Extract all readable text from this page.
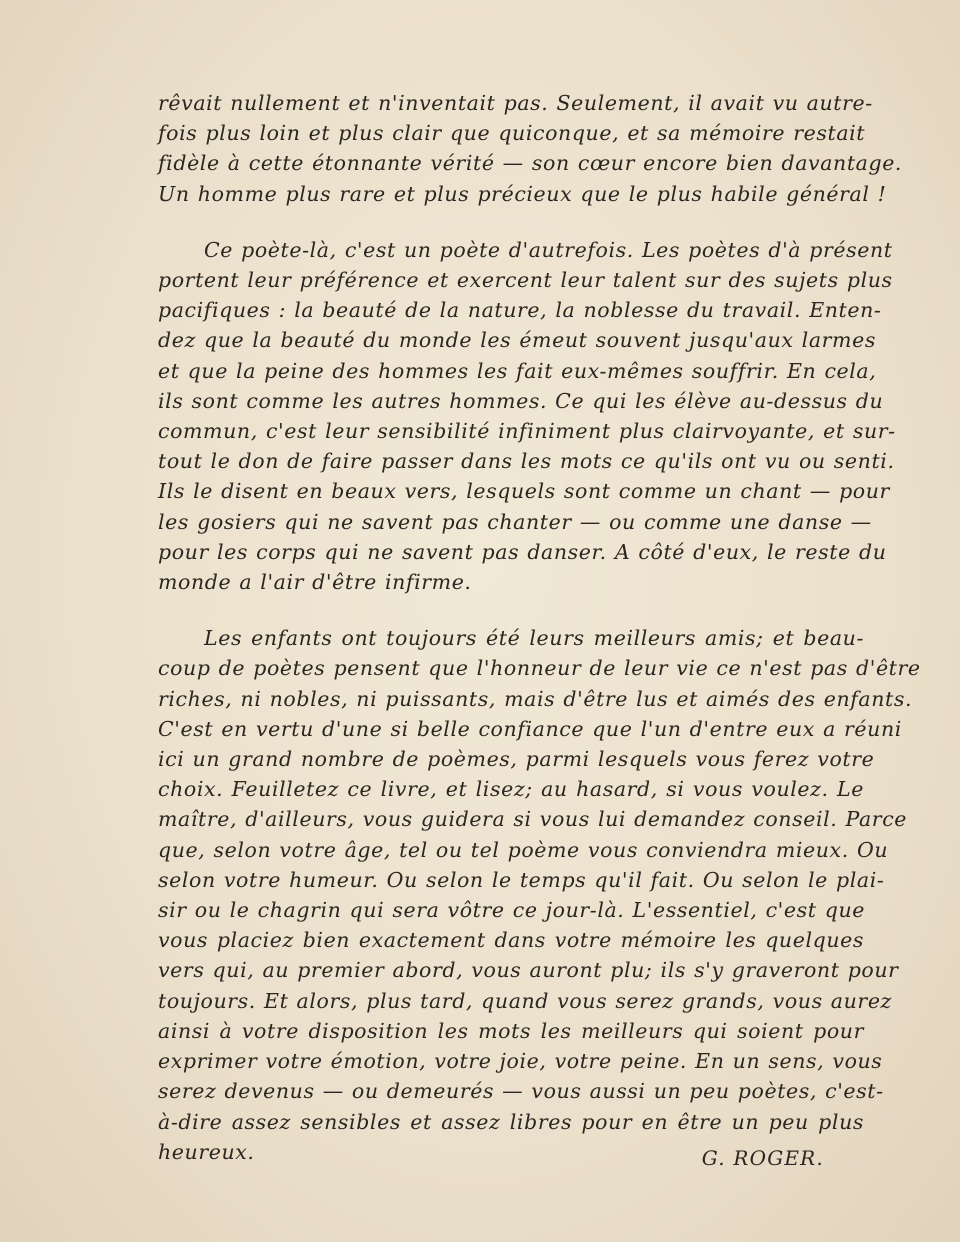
rêvait nullement et n'inventait pas. Seulement, il avait vu autre-
fois plus loin et plus clair que quiconque, et sa mémoire restait
fidèle à cette étonnante vérité — son cœur encore bien davantage.
Un homme plus rare et plus précieux que le plus habile général !

Ce poète-là, c'est un poète d'autrefois. Les poètes d'à présent
portent leur préférence et exercent leur talent sur des sujets plus
pacifiques : la beauté de la nature, la noblesse du travail. Enten-
dez que la beauté du monde les émeut souvent jusqu'aux larmes
et que la peine des hommes les fait eux-mêmes souffrir. En cela,
ils sont comme les autres hommes. Ce qui les élève au-dessus du
commun, c'est leur sensibilité infiniment plus clairvoyante, et sur-
tout le don de faire passer dans les mots ce qu'ils ont vu ou senti.
Ils le disent en beaux vers, lesquels sont comme un chant — pour
les gosiers qui ne savent pas chanter — ou comme une danse —
pour les corps qui ne savent pas danser. A côté d'eux, le reste du
monde a l'air d'être infirme.

Les enfants ont toujours été leurs meilleurs amis; et beau-
coup de poètes pensent que l'honneur de leur vie ce n'est pas d'être
riches, ni nobles, ni puissants, mais d'être lus et aimés des enfants.
C'est en vertu d'une si belle confiance que l'un d'entre eux a réuni
ici un grand nombre de poèmes, parmi lesquels vous ferez votre
choix. Feuilletez ce livre, et lisez; au hasard, si vous voulez. Le
maître, d'ailleurs, vous guidera si vous lui demandez conseil. Parce
que, selon votre âge, tel ou tel poème vous conviendra mieux. Ou
selon votre humeur. Ou selon le temps qu'il fait. Ou selon le plai-
sir ou le chagrin qui sera vôtre ce jour-là. L'essentiel, c'est que
vous placiez bien exactement dans votre mémoire les quelques
vers qui, au premier abord, vous auront plu; ils s'y graveront pour
toujours. Et alors, plus tard, quand vous serez grands, vous aurez
ainsi à votre disposition les mots les meilleurs qui soient pour
exprimer votre émotion, votre joie, votre peine. En un sens, vous
serez devenus — ou demeurés — vous aussi un peu poètes, c'est-
à-dire assez sensibles et assez libres pour en être un peu plus
heureux.	G. ROGER.
